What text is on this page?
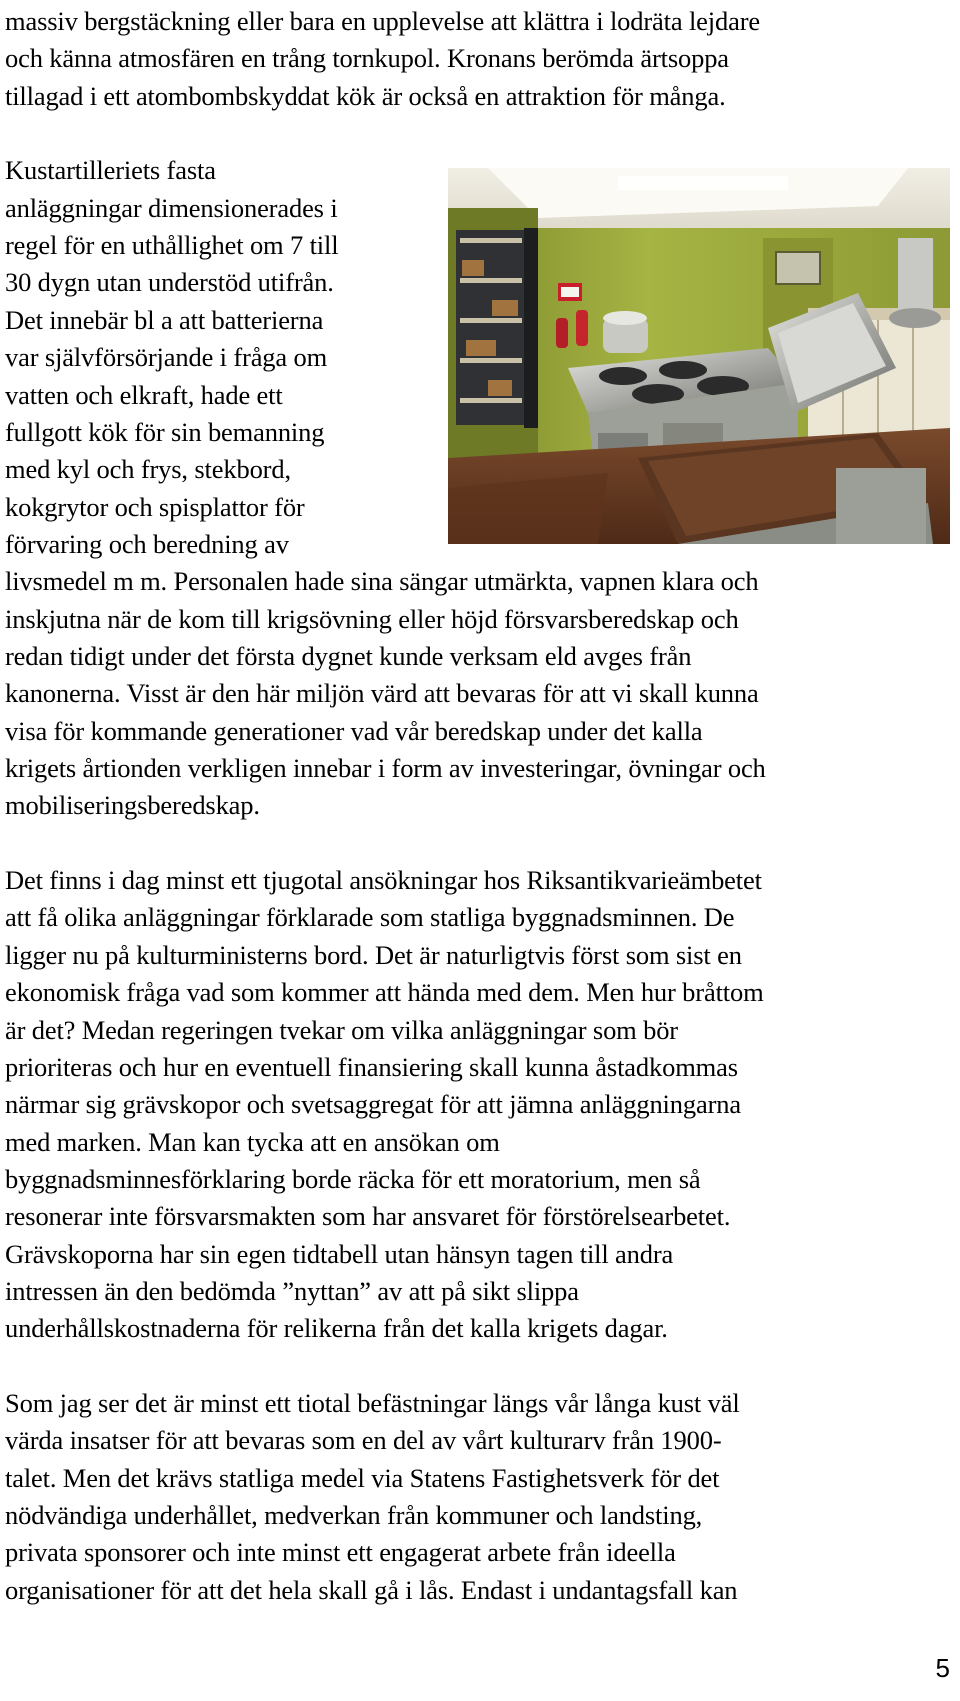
massiv bergstäckning eller bara en upplevelse att klättra i lodräta lejdare
och känna atmosfären en trång tornkupol. Kronans berömda ärtsoppa
tillagad i ett atombombskyddat kök är också en attraktion för många.
Kustartilleriets fasta
anläggningar dimensionerades i
regel för en uthållighet om 7 till
30 dygn utan understöd utifrån.
Det innebär bl a att batterierna
var självförsörjande i fråga om
vatten och elkraft, hade ett
fullgott kök för sin bemanning
med kyl och frys, stekbord,
kokgrytor och spisplattor för
förvaring och beredning av
livsmedel m m. Personalen hade sina sängar utmärkta, vapnen klara och
inskjutna när de kom till krigsövning eller höjd försvarsberedskap och
redan tidigt under det första dygnet kunde verksam eld avges från
kanonerna. Visst är den här miljön värd att bevaras för att vi skall kunna
visa för kommande generationer vad vår beredskap under det kalla
krigets årtionden verkligen innebar i form av investeringar, övningar och
mobiliseringsberedskap.
Det finns i dag minst ett tjugotal ansökningar hos Riksantikvarieämbetet
att få olika anläggningar förklarade som statliga byggnadsminnen. De
ligger nu på kulturministerns bord. Det är naturligtvis först som sist en
ekonomisk fråga vad som kommer att hända med dem. Men hur bråttom
är det? Medan regeringen tvekar om vilka anläggningar som bör
prioriteras och hur en eventuell finansiering skall kunna åstadkommas
närmar sig grävskopor och svetsaggregat för att jämna anläggningarna
med marken. Man kan tycka att en ansökan om
byggnadsminnesförklaring borde räcka för ett moratorium, men så
resonerar inte försvarsmakten som har ansvaret för förstörelsearbetet.
Grävskoporna har sin egen tidtabell utan hänsyn tagen till andra
intressen än den bedömda ”nyttan” av att på sikt slippa
underhållskostnaderna för relikerna från det kalla krigets dagar.
Som jag ser det är minst ett tiotal befästningar längs vår långa kust väl
värda insatser för att bevaras som en del av vårt kulturarv från 1900-
talet. Men det krävs statliga medel via Statens Fastighetsverk för det
nödvändiga underhållet, medverkan från kommuner och landsting,
privata sponsorer och inte minst ett engagerat arbete från ideella
organisationer för att det hela skall gå i lås. Endast i undantagsfall kan
5
